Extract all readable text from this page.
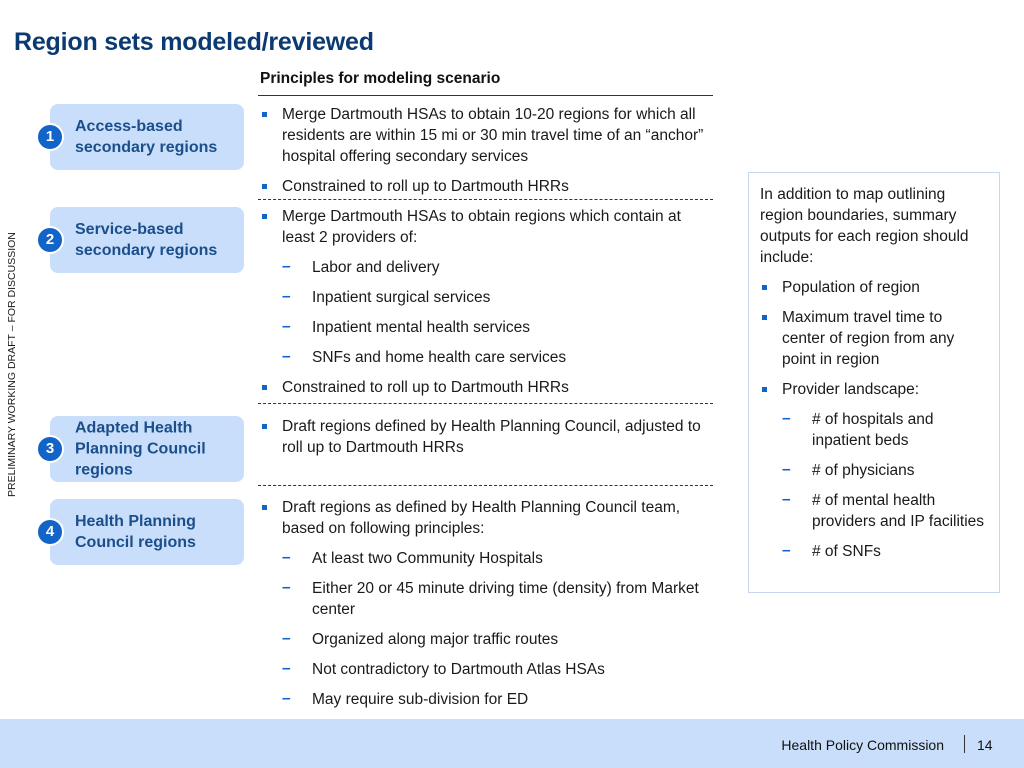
Region sets modeled/reviewed
PRELIMINARY WORKING DRAFT – FOR DISCUSSION
1
Access-based secondary regions
2
Service-based secondary regions
3
Adapted Health Planning Council regions
4
Health Planning Council regions
Principles for modeling scenario
Merge Dartmouth HSAs to obtain 10-20 regions for which all residents are within 15 mi or 30 min travel time of an “anchor” hospital offering secondary services
Constrained to roll up to Dartmouth HRRs
Merge Dartmouth HSAs to obtain regions which contain at least 2 providers of:
– Labor and delivery
– Inpatient surgical services
– Inpatient mental health services
– SNFs and home health care services
Constrained to roll up to Dartmouth HRRs
Draft regions defined by Health Planning Council, adjusted to roll up to Dartmouth HRRs
Draft regions as defined by Health Planning Council team, based on following principles:
– At least two Community Hospitals
– Either 20 or 45 minute driving time (density) from Market center
– Organized along major traffic routes
– Not contradictory to Dartmouth Atlas HSAs
– May require sub-division for ED
In addition to map outlining region boundaries, summary outputs for each region should include:
Population of region
Maximum travel time to center of region from any point in region
Provider landscape:
– # of hospitals and inpatient beds
– # of physicians
– # of mental health providers and IP facilities
– # of SNFs
Health Policy Commission 14
